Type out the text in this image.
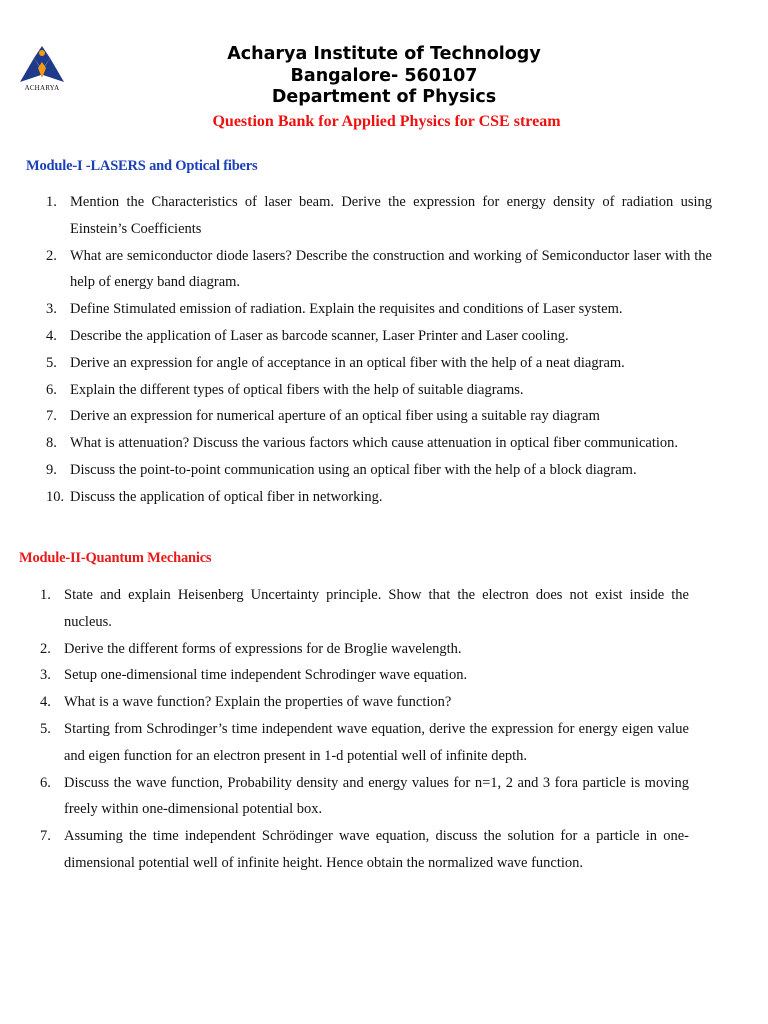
ACHARYA
Acharya Institute of Technology
Bangalore- 560107
Department of Physics
Question Bank for Applied Physics for CSE stream
Module-I -LASERS and Optical fibers
1. Mention the Characteristics of laser beam. Derive the expression for energy density of radiation using Einstein’s Coefficients
2. What are semiconductor diode lasers? Describe the construction and working of Semiconductor laser with the help of energy band diagram.
3. Define Stimulated emission of radiation. Explain the requisites and conditions of Laser system.
4. Describe the application of Laser as barcode scanner, Laser Printer and Laser cooling.
5. Derive an expression for angle of acceptance in an optical fiber with the help of a neat diagram.
6. Explain the different types of optical fibers with the help of suitable diagrams.
7. Derive an expression for numerical aperture of an optical fiber using a suitable ray diagram
8. What is attenuation? Discuss the various factors which cause attenuation in optical fiber communication.
9. Discuss the point-to-point communication using an optical fiber with the help of a block diagram.
10. Discuss the application of optical fiber in networking.
Module-II-Quantum Mechanics
1. State and explain Heisenberg Uncertainty principle. Show that the electron does not exist inside the nucleus.
2. Derive the different forms of expressions for de Broglie wavelength.
3. Setup one-dimensional time independent Schrodinger wave equation.
4. What is a wave function? Explain the properties of wave function?
5. Starting from Schrodinger’s time independent wave equation, derive the expression for energy eigen value and eigen function for an electron present in 1-d potential well of infinite depth.
6. Discuss the wave function, Probability density and energy values for n=1, 2 and 3 fora particle is moving freely within one-dimensional potential box.
7. Assuming the time independent Schrödinger wave equation, discuss the solution for a particle in one-dimensional potential well of infinite height. Hence obtain the normalized wave function.
